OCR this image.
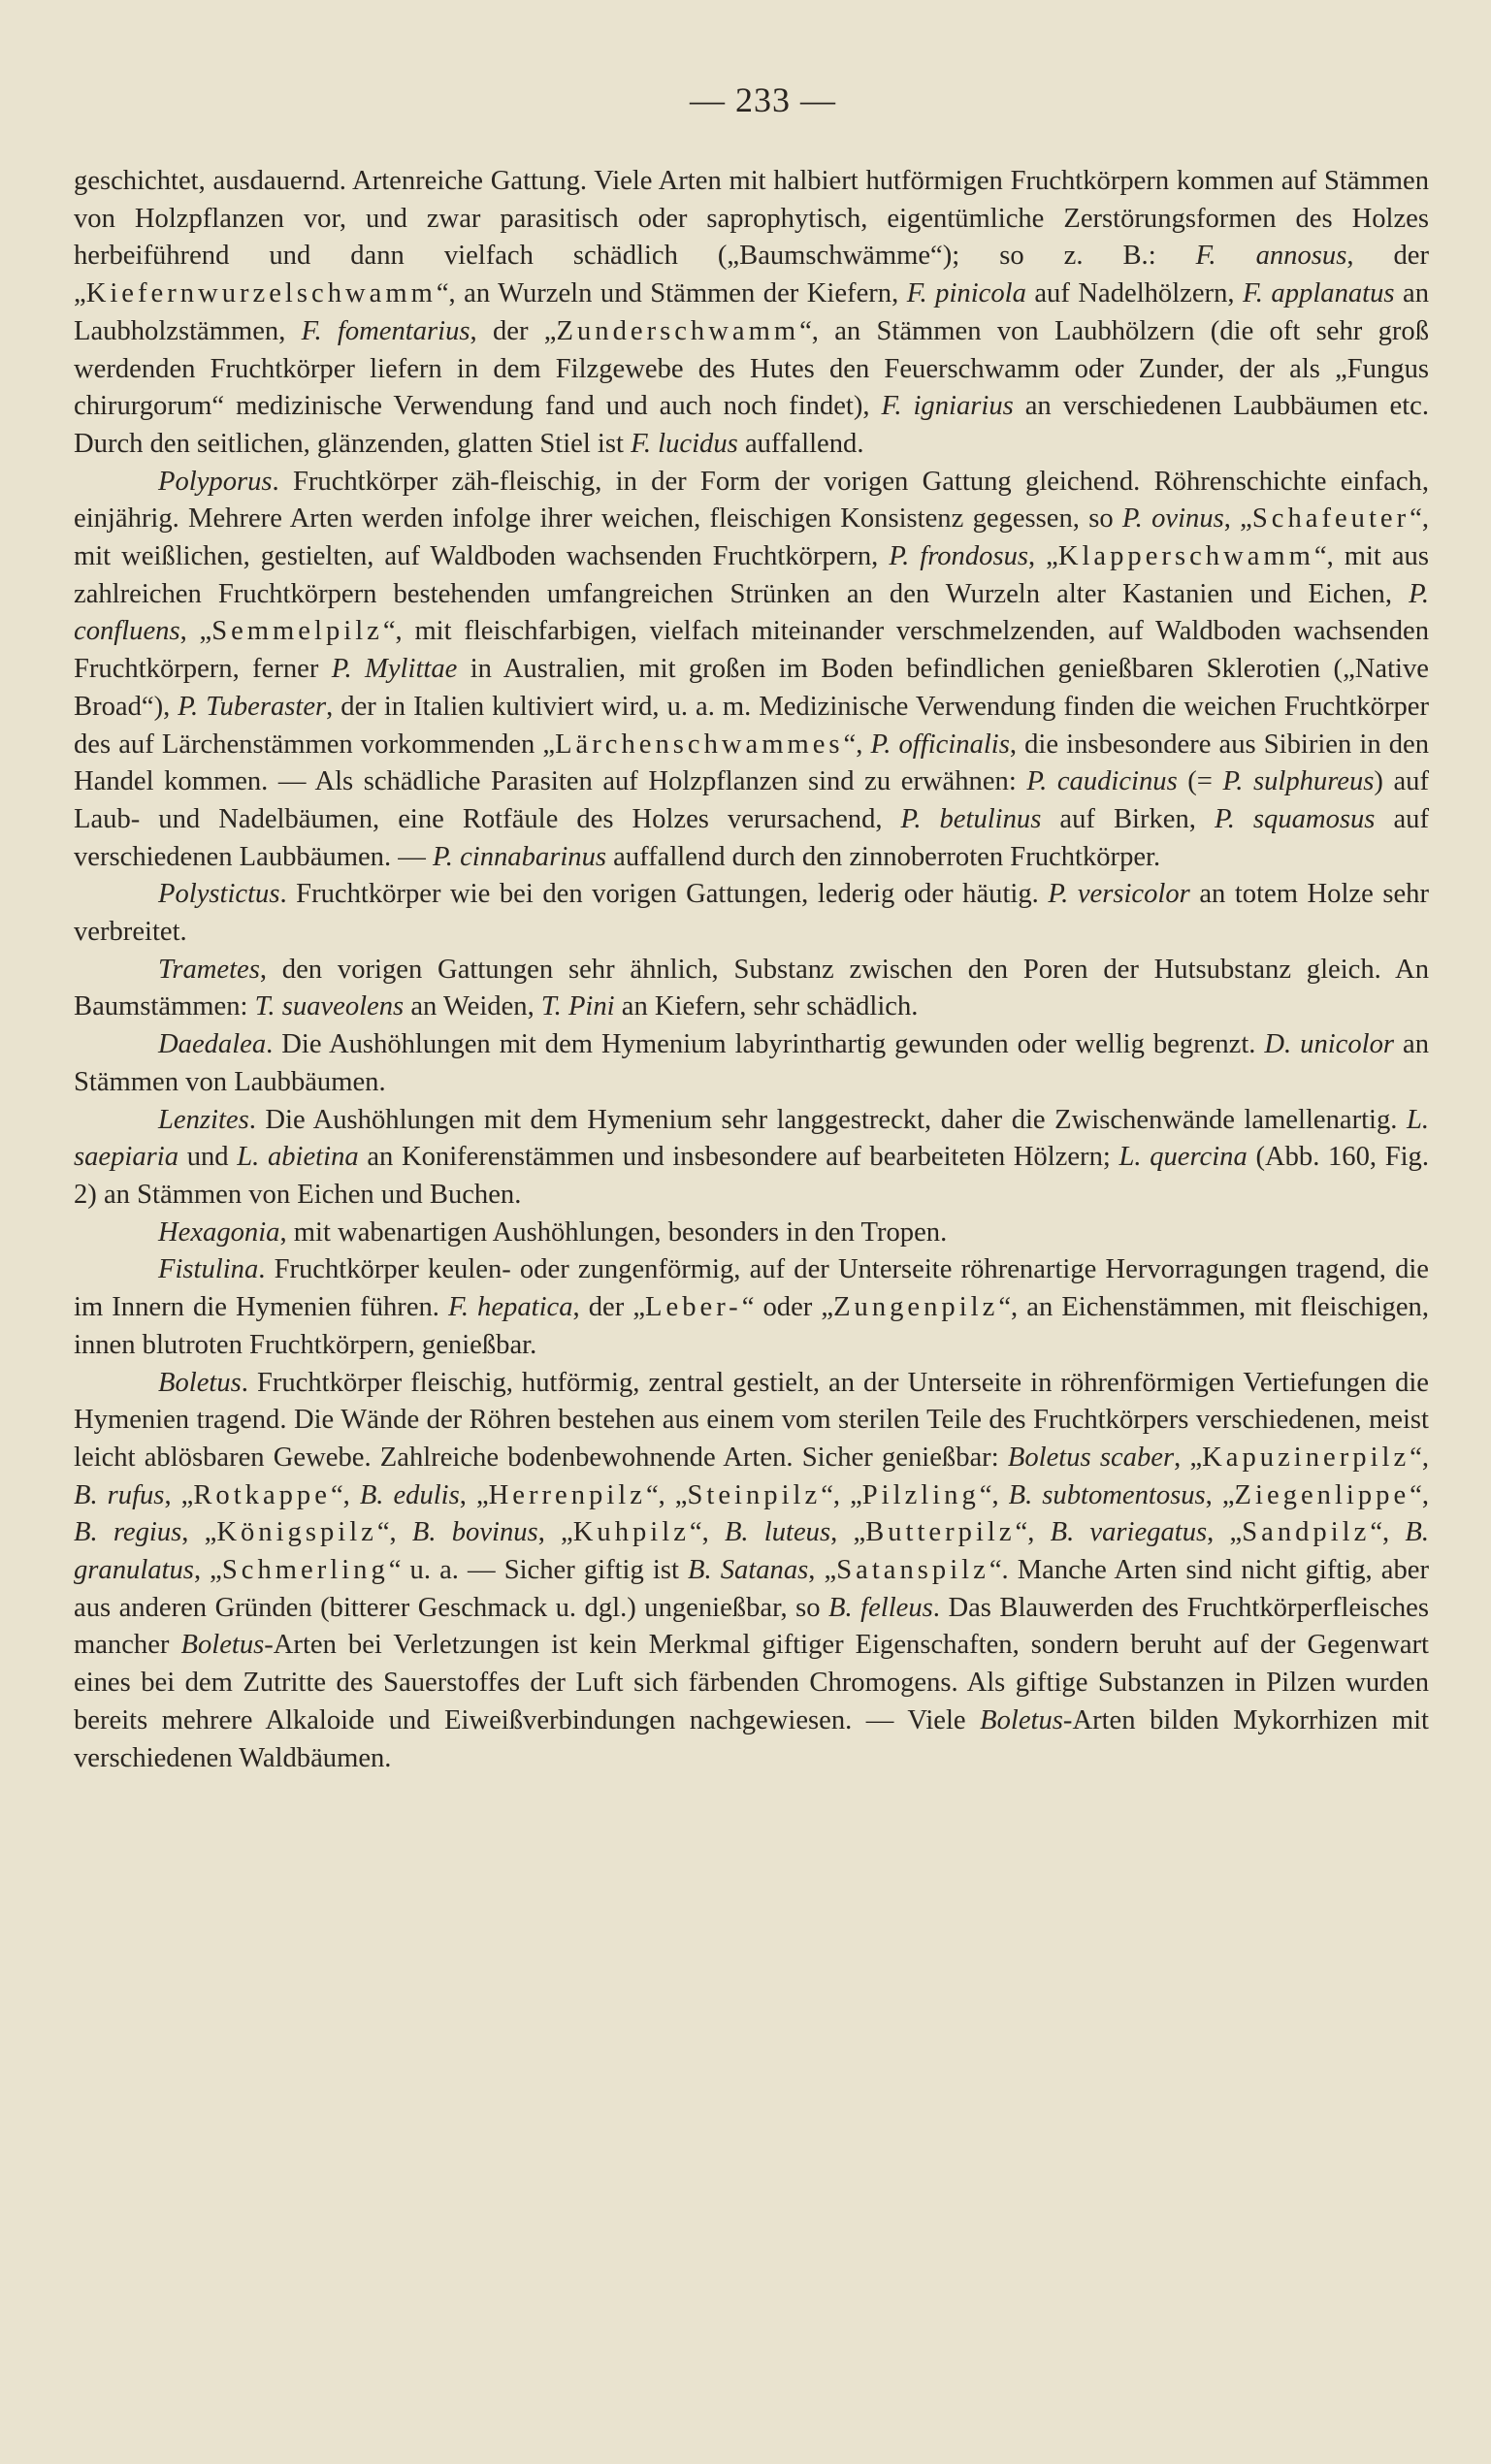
— 233 —

geschichtet, ausdauernd. Artenreiche Gattung. Viele Arten mit halbiert hutförmigen Fruchtkörpern kommen auf Stämmen von Holzpflanzen vor, und zwar parasitisch oder saprophytisch, eigentümliche Zerstörungsformen des Holzes herbeiführend und dann vielfach schädlich („Baumschwämme“); so z. B.: F. annosus, der „Kiefernwurzelschwamm“, an Wurzeln und Stämmen der Kiefern, F. pinicola auf Nadelhölzern, F. applanatus an Laubholzstämmen, F. fomentarius, der „Zunderschwamm“, an Stämmen von Laubhölzern (die oft sehr groß werdenden Fruchtkörper liefern in dem Filzgewebe des Hutes den Feuerschwamm oder Zunder, der als „Fungus chirurgorum“ medizinische Verwendung fand und auch noch findet), F. igniarius an verschiedenen Laubbäumen etc. Durch den seitlichen, glänzenden, glatten Stiel ist F. lucidus auffallend.

Polyporus. Fruchtkörper zäh-fleischig, in der Form der vorigen Gattung gleichend. Röhrenschichte einfach, einjährig. Mehrere Arten werden infolge ihrer weichen, fleischigen Konsistenz gegessen, so P. ovinus, „Schafeuter“, mit weißlichen, gestielten, auf Waldboden wachsenden Fruchtkörpern, P. frondosus, „Klapperschwamm“, mit aus zahlreichen Fruchtkörpern bestehenden umfangreichen Strünken an den Wurzeln alter Kastanien und Eichen, P. confluens, „Semmelpilz“, mit fleischfarbigen, vielfach miteinander verschmelzenden, auf Waldboden wachsenden Fruchtkörpern, ferner P. Mylittae in Australien, mit großen im Boden befindlichen genießbaren Sklerotien („Native Broad“), P. Tuberaster, der in Italien kultiviert wird, u. a. m. Medizinische Verwendung finden die weichen Fruchtkörper des auf Lärchenstämmen vorkommenden „Lärchenschwammes“, P. officinalis, die insbesondere aus Sibirien in den Handel kommen. — Als schädliche Parasiten auf Holzpflanzen sind zu erwähnen: P. caudicinus (= P. sulphureus) auf Laub- und Nadelbäumen, eine Rotfäule des Holzes verursachend, P. betulinus auf Birken, P. squamosus auf verschiedenen Laubbäumen. — P. cinnabarinus auffallend durch den zinnoberroten Fruchtkörper.

Polystictus. Fruchtkörper wie bei den vorigen Gattungen, lederig oder häutig. P. versicolor an totem Holze sehr verbreitet.

Trametes, den vorigen Gattungen sehr ähnlich, Substanz zwischen den Poren der Hutsubstanz gleich. An Baumstämmen: T. suaveolens an Weiden, T. Pini an Kiefern, sehr schädlich.

Daedalea. Die Aushöhlungen mit dem Hymenium labyrinthartig gewunden oder wellig begrenzt. D. unicolor an Stämmen von Laubbäumen.

Lenzites. Die Aushöhlungen mit dem Hymenium sehr langgestreckt, daher die Zwischenwände lamellenartig. L. saepiaria und L. abietina an Koniferenstämmen und insbesondere auf bearbeiteten Hölzern; L. quercina (Abb. 160, Fig. 2) an Stämmen von Eichen und Buchen.

Hexagonia, mit wabenartigen Aushöhlungen, besonders in den Tropen.

Fistulina. Fruchtkörper keulen- oder zungenförmig, auf der Unterseite röhrenartige Hervorragungen tragend, die im Innern die Hymenien führen. F. hepatica, der „Leber-“ oder „Zungenpilz“, an Eichenstämmen, mit fleischigen, innen blutroten Fruchtkörpern, genießbar.

Boletus. Fruchtkörper fleischig, hutförmig, zentral gestielt, an der Unterseite in röhrenförmigen Vertiefungen die Hymenien tragend. Die Wände der Röhren bestehen aus einem vom sterilen Teile des Fruchtkörpers verschiedenen, meist leicht ablösbaren Gewebe. Zahlreiche bodenbewohnende Arten. Sicher genießbar: Boletus scaber, „Kapuzinerpilz“, B. rufus, „Rotkappe“, B. edulis, „Herrenpilz“, „Steinpilz“, „Pilzling“, B. subtomentosus, „Ziegenlippe“, B. regius, „Königspilz“, B. bovinus, „Kuhpilz“, B. luteus, „Butterpilz“, B. variegatus, „Sandpilz“, B. granulatus, „Schmerling“ u. a. — Sicher giftig ist B. Satanas, „Satanspilz“. Manche Arten sind nicht giftig, aber aus anderen Gründen (bitterer Geschmack u. dgl.) ungenießbar, so B. felleus. Das Blauwerden des Fruchtkörperfleisches mancher Boletus-Arten bei Verletzungen ist kein Merkmal giftiger Eigenschaften, sondern beruht auf der Gegenwart eines bei dem Zutritte des Sauerstoffes der Luft sich färbenden Chromogens. Als giftige Substanzen in Pilzen wurden bereits mehrere Alkaloide und Eiweißverbindungen nachgewiesen. — Viele Boletus-Arten bilden Mykorrhizen mit verschiedenen Waldbäumen.
